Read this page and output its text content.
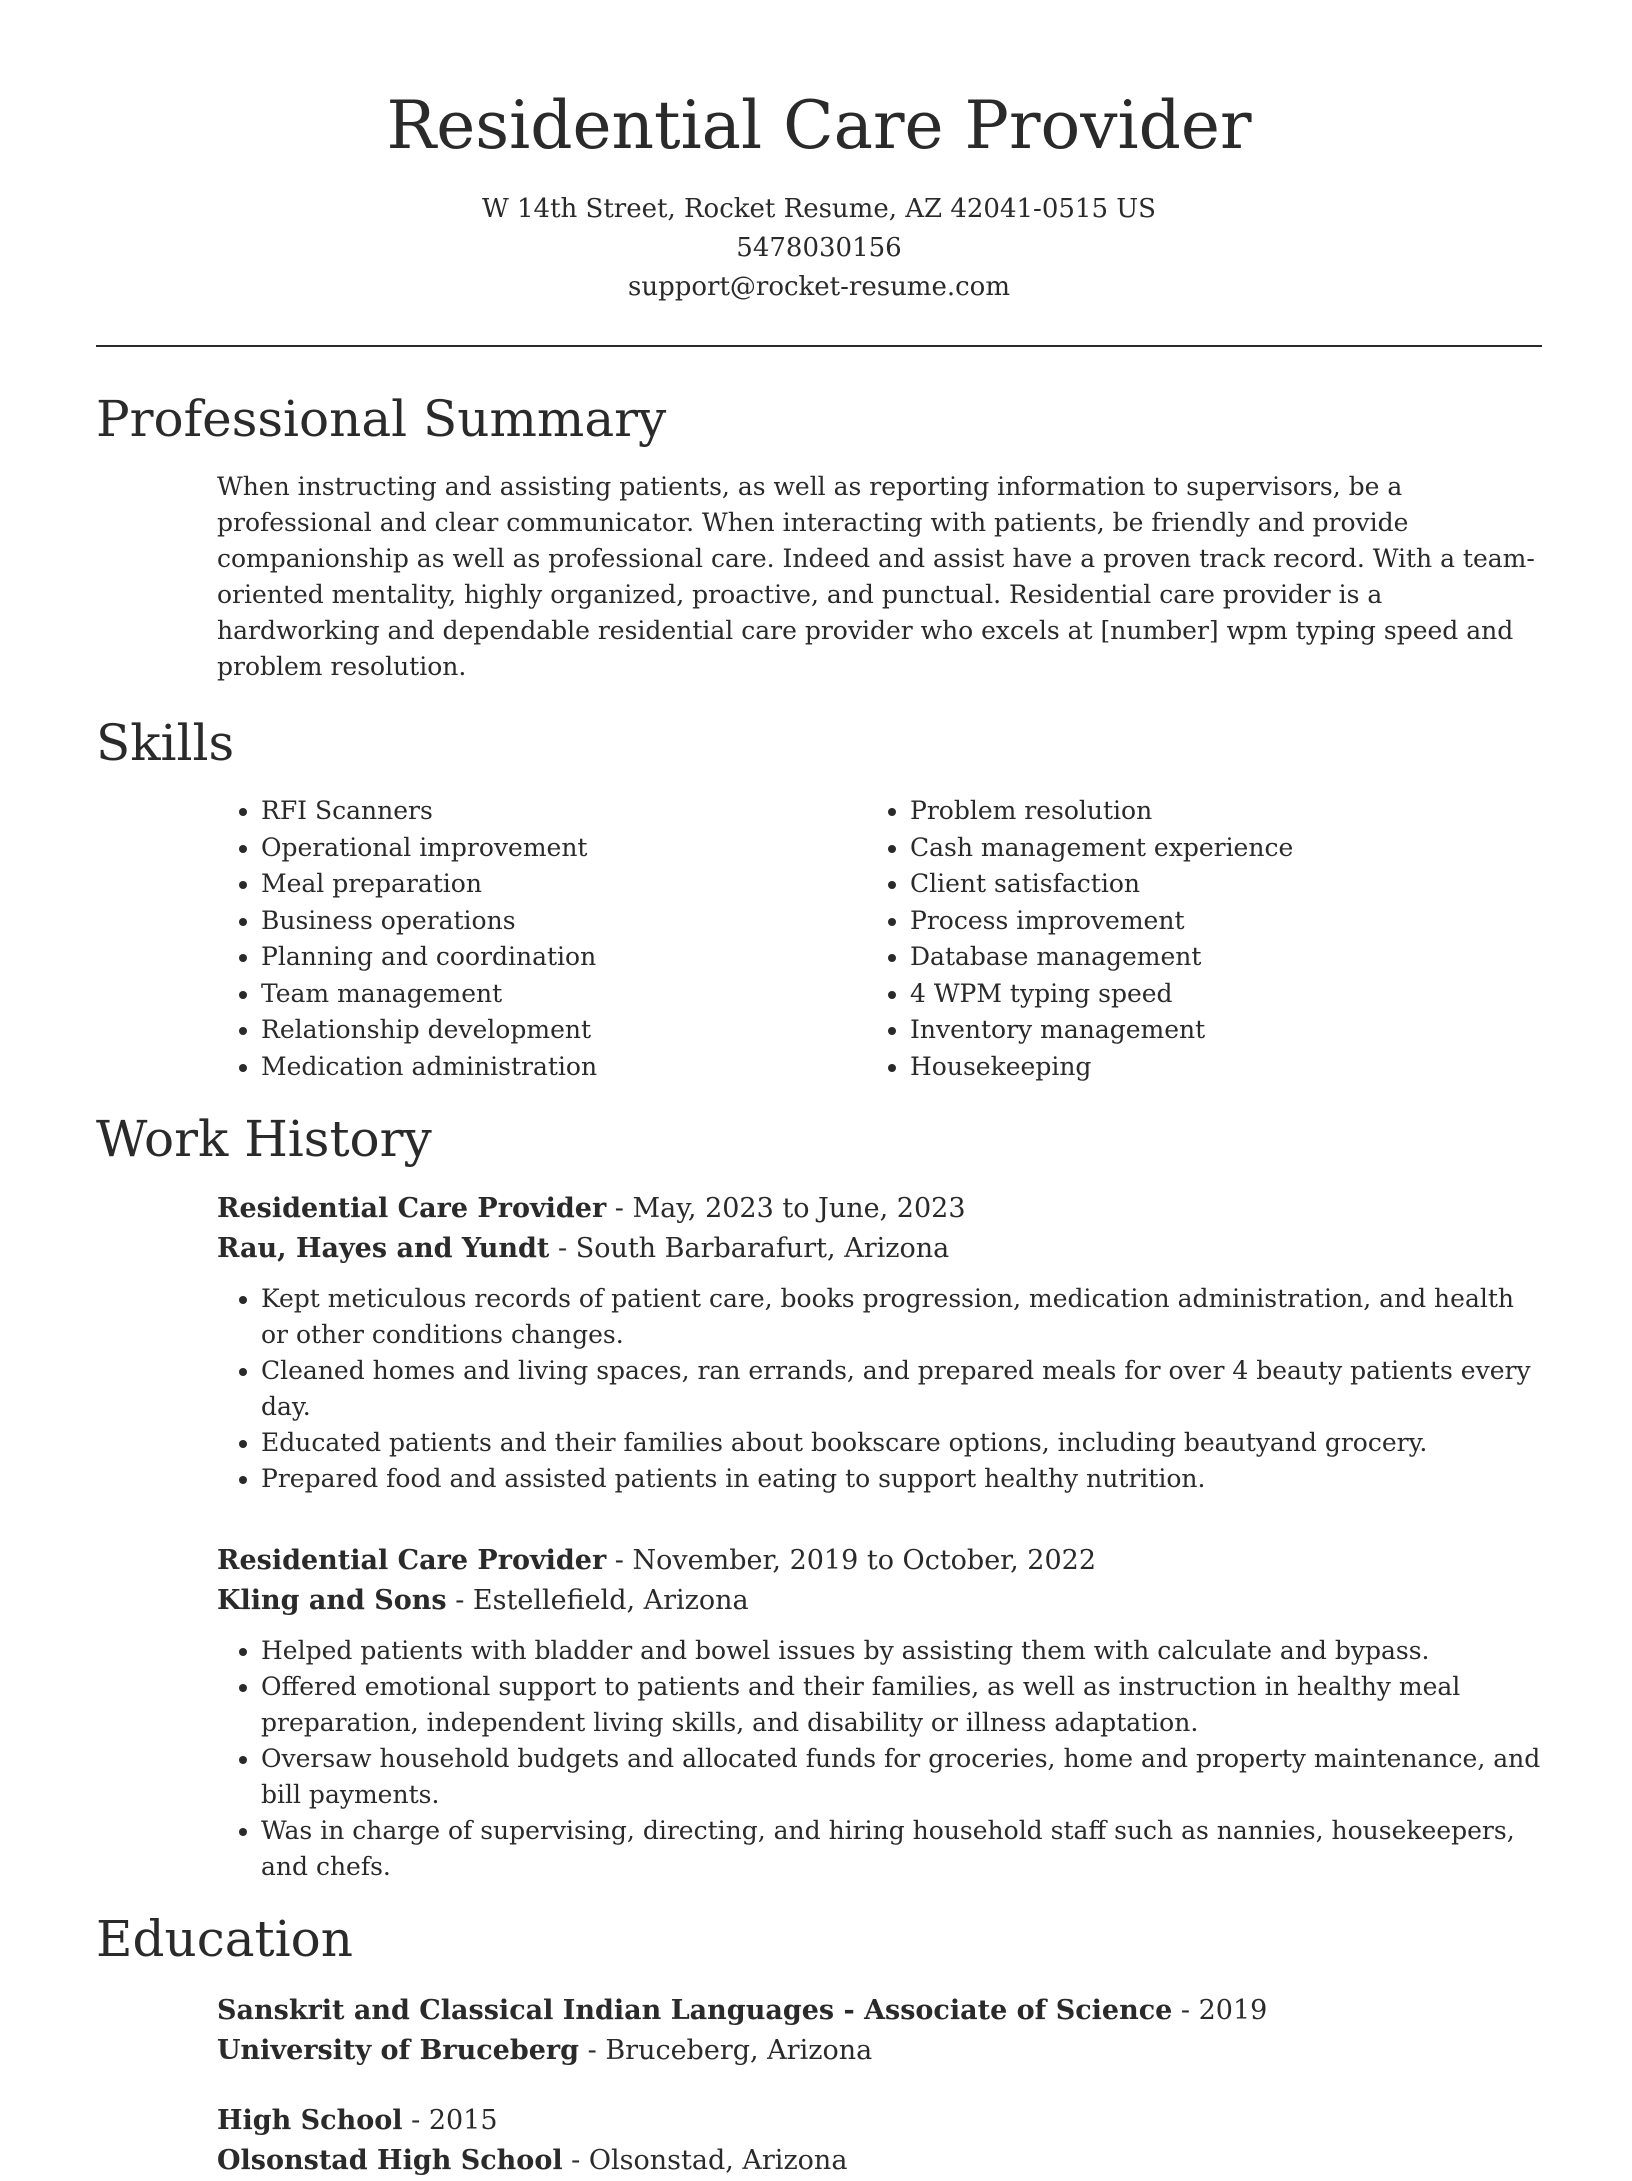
Residential Care Provider
W 14th Street, Rocket Resume, AZ 42041-0515 US
5478030156
support@rocket-resume.com
Professional Summary

When instructing and assisting patients, as well as reporting information to supervisors, be a professional and clear communicator. When interacting with patients, be friendly and provide companionship as well as professional care. Indeed and assist have a proven track record. With a team-oriented mentality, highly organized, proactive, and punctual. Residential care provider is a hardworking and dependable residential care provider who excels at [number] wpm typing speed and problem resolution.

Skills
• RFI Scanners
• Operational improvement
• Meal preparation
• Business operations
• Planning and coordination
• Team management
• Relationship development
• Medication administration
• Problem resolution
• Cash management experience
• Client satisfaction
• Process improvement
• Database management
• 4 WPM typing speed
• Inventory management
• Housekeeping
Work History
Residential Care Provider - May, 2023 to June, 2023
Rau, Hayes and Yundt - South Barbarafurt, Arizona
• Kept meticulous records of patient care, books progression, medication administration, and health or other conditions changes.
• Cleaned homes and living spaces, ran errands, and prepared meals for over 4 beauty patients every day.
• Educated patients and their families about bookscare options, including beautyand grocery.
• Prepared food and assisted patients in eating to support healthy nutrition.
Residential Care Provider - November, 2019 to October, 2022
Kling and Sons - Estellefield, Arizona
• Helped patients with bladder and bowel issues by assisting them with calculate and bypass.
• Offered emotional support to patients and their families, as well as instruction in healthy meal preparation, independent living skills, and disability or illness adaptation.
• Oversaw household budgets and allocated funds for groceries, home and property maintenance, and bill payments.
• Was in charge of supervising, directing, and hiring household staff such as nannies, housekeepers, and chefs.
Education
Sanskrit and Classical Indian Languages - Associate of Science - 2019
University of Bruceberg - Bruceberg, Arizona
High School - 2015
Olsonstad High School - Olsonstad, Arizona
